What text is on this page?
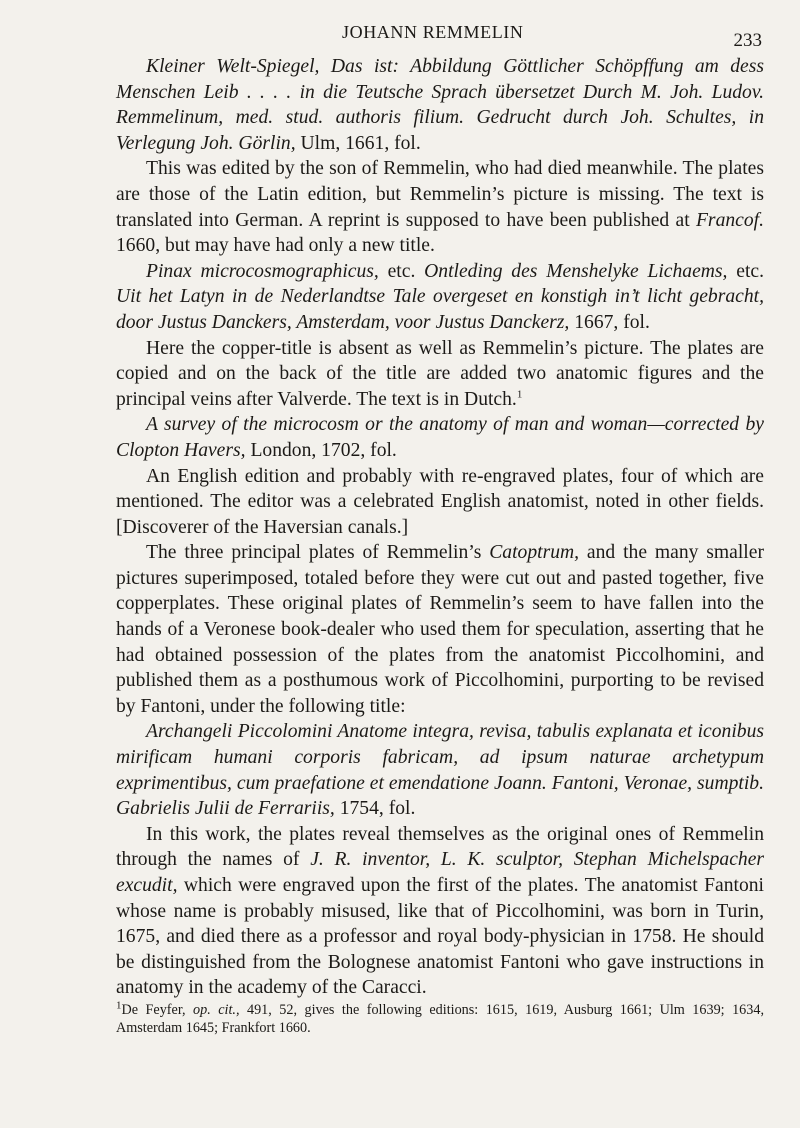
JOHANN REMMELIN	233

Kleiner Welt-Spiegel, Das ist: Abbildung Göttlicher Schöpffung am dess Menschen Leib . . . . in die Teutsche Sprach übersetzet Durch M. Joh. Ludov. Remmelinum, med. stud. authoris filium. Gedrucht durch Joh. Schultes, in Verlegung Joh. Görlin, Ulm, 1661, fol.

This was edited by the son of Remmelin, who had died meanwhile. The plates are those of the Latin edition, but Remmelin’s picture is missing. The text is translated into German. A reprint is supposed to have been published at Francof. 1660, but may have had only a new title.

Pinax microcosmographicus, etc. Ontleding des Menshelyke Lichaems, etc. Uit het Latyn in de Nederlandtse Tale overgeset en konstigh in’t licht gebracht, door Justus Danckers, Amsterdam, voor Justus Danckerz, 1667, fol.

Here the copper-title is absent as well as Remmelin’s picture. The plates are copied and on the back of the title are added two anatomic figures and the principal veins after Valverde. The text is in Dutch.$^1$

A survey of the microcosm or the anatomy of man and woman—corrected by Clopton Havers, London, 1702, fol.

An English edition and probably with re-engraved plates, four of which are mentioned. The editor was a celebrated English anatomist, noted in other fields. [Discoverer of the Haversian canals.]

The three principal plates of Remmelin’s Catoptrum, and the many smaller pictures superimposed, totaled before they were cut out and pasted together, five copperplates. These original plates of Remmelin’s seem to have fallen into the hands of a Veronese book-dealer who used them for speculation, asserting that he had obtained possession of the plates from the anatomist Piccolhomini, and published them as a posthumous work of Piccolhomini, purporting to be revised by Fantoni, under the following title:

Archangeli Piccolomini Anatome integra, revisa, tabulis explanata et iconibus mirificam humani corporis fabricam, ad ipsum naturae archetypum exprimentibus, cum praefatione et emendatione Joann. Fantoni, Veronae, sumptib. Gabrielis Julii de Ferrariis, 1754, fol.

In this work, the plates reveal themselves as the original ones of Remmelin through the names of J. R. inventor, L. K. sculptor, Stephan Michelspacher excudit, which were engraved upon the first of the plates. The anatomist Fantoni whose name is probably misused, like that of Piccolhomini, was born in Turin, 1675, and died there as a professor and royal body-physician in 1758. He should be distinguished from the Bolognese anatomist Fantoni who gave instructions in anatomy in the academy of the Caracci.

$^1$De Feyfer, op. cit., 491, 52, gives the following editions: 1615, 1619, Ausburg 1661; Ulm 1639; 1634, Amsterdam 1645; Frankfort 1660.
